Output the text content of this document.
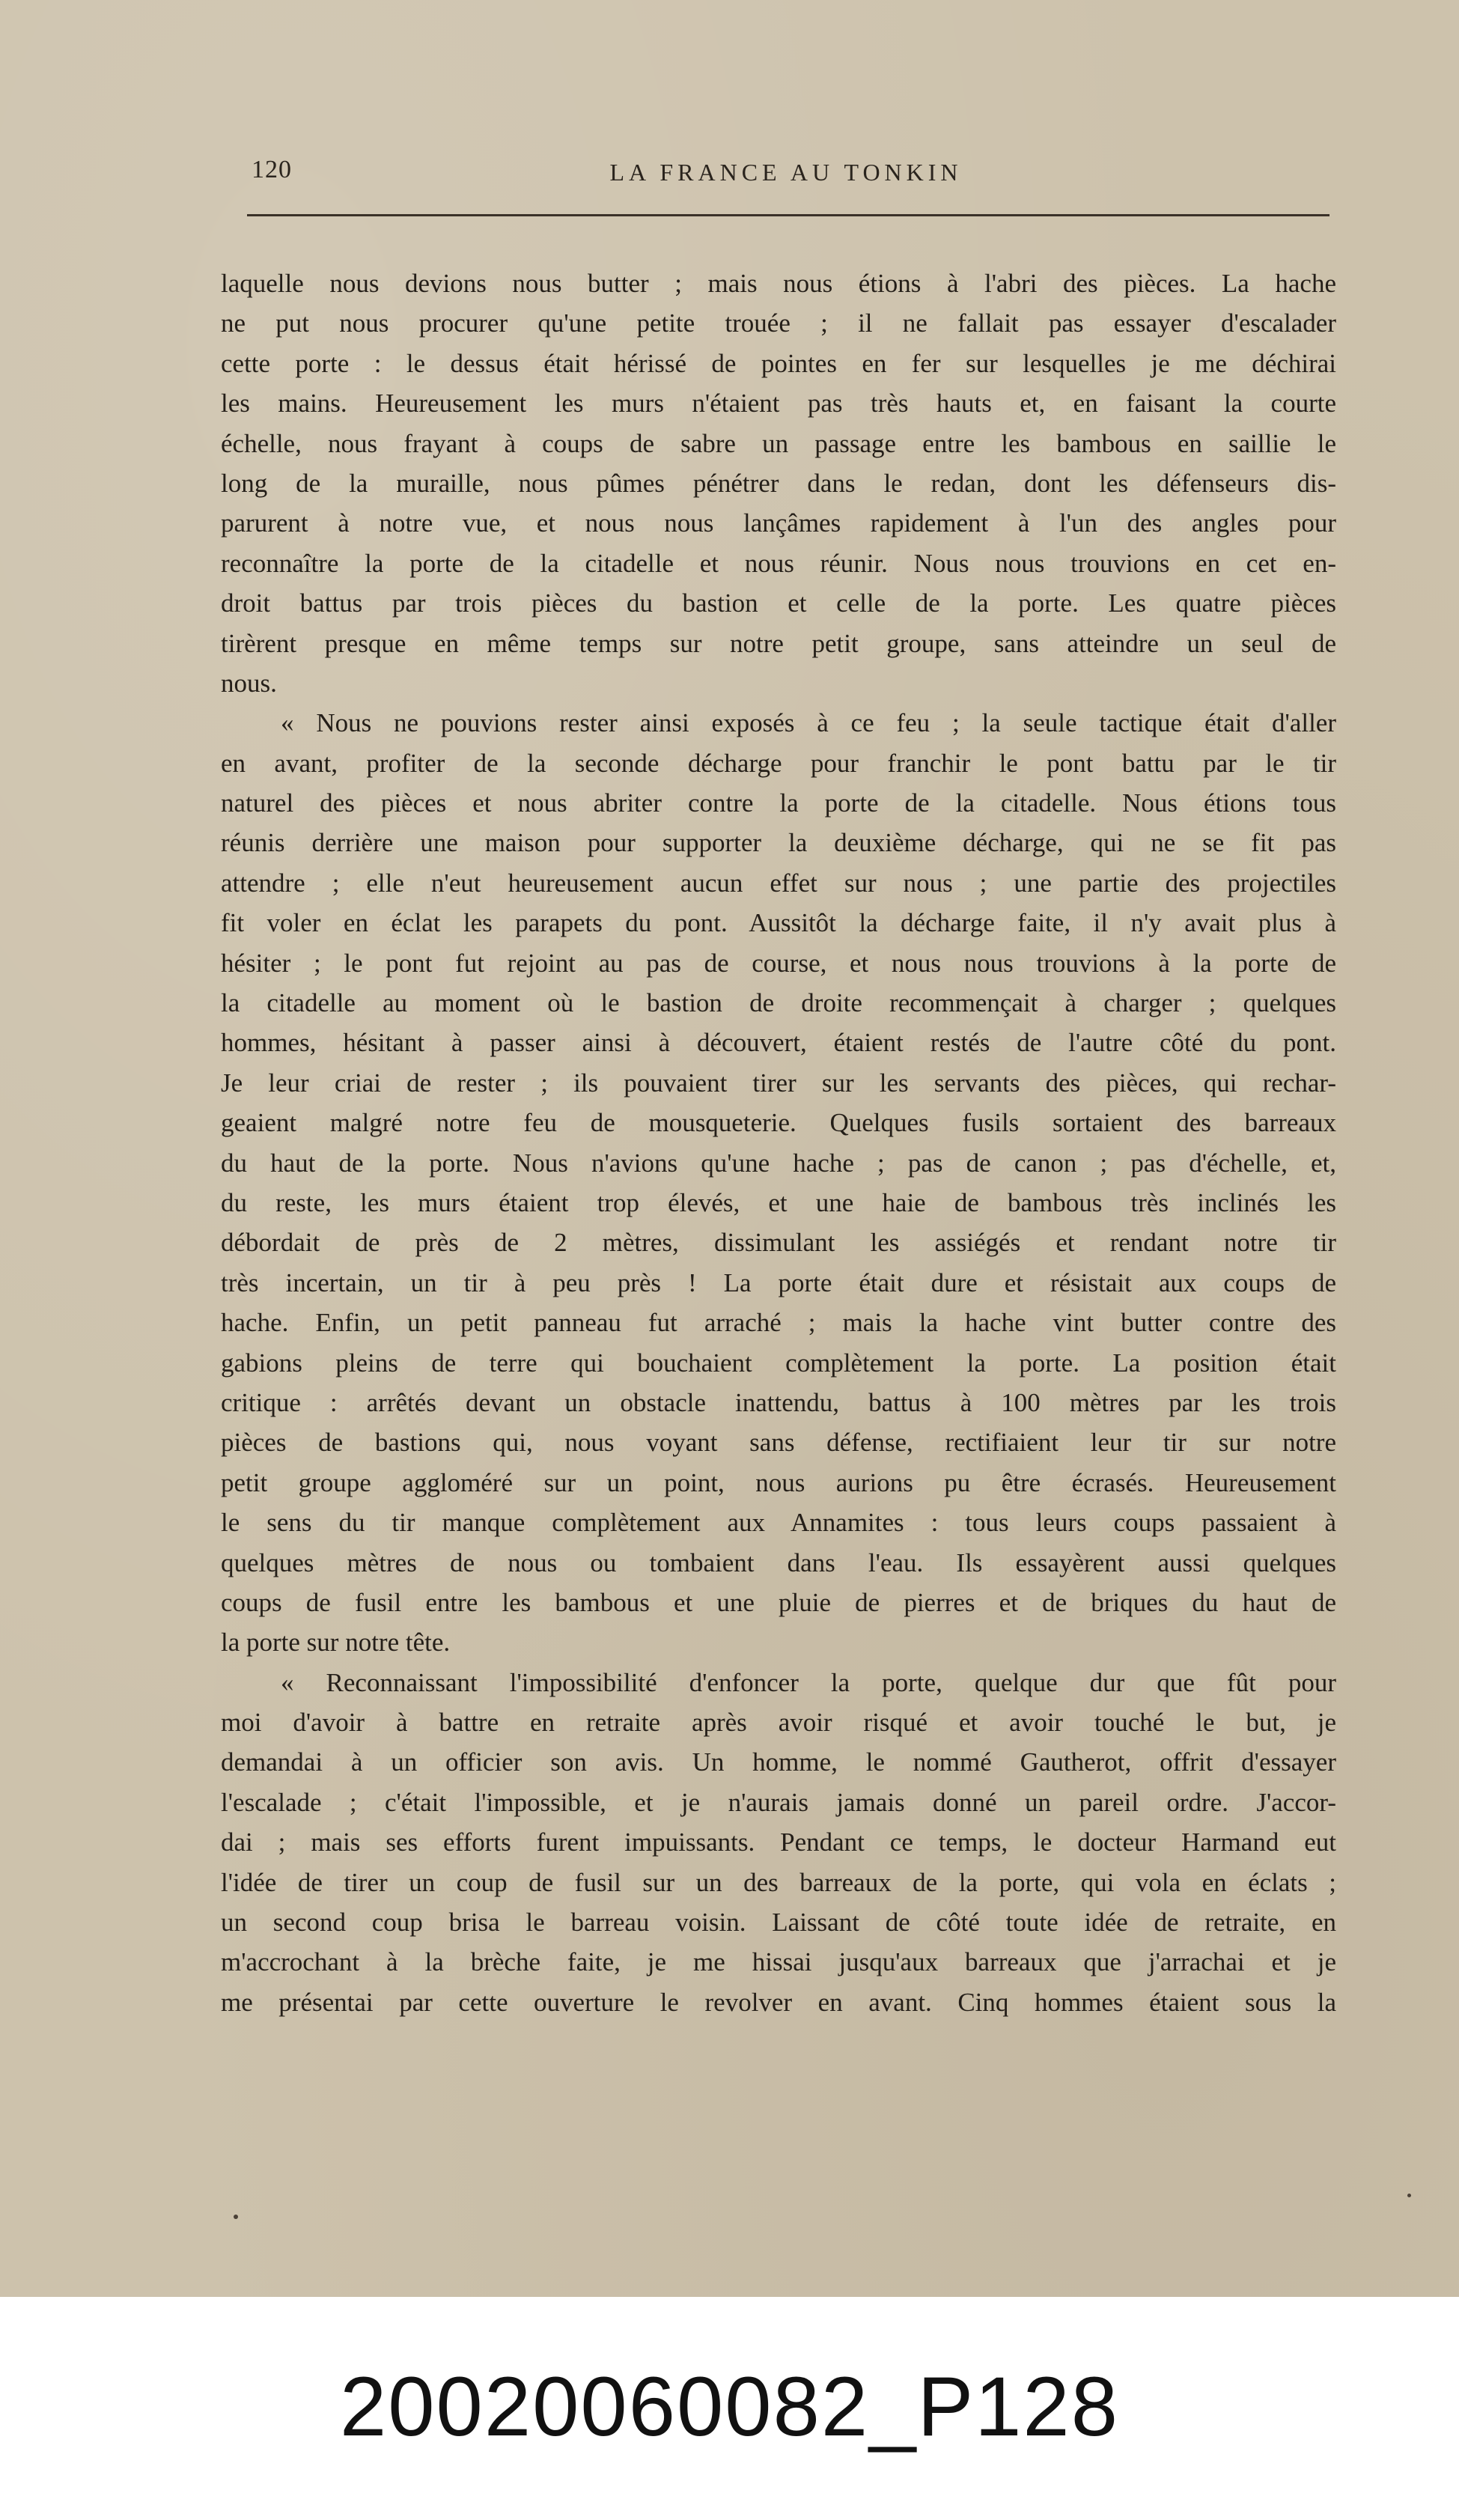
120	LA FRANCE AU TONKIN
laquelle nous devions nous butter ; mais nous étions à l'abri des pièces. La hache
ne put nous procurer qu'une petite trouée ; il ne fallait pas essayer d'escalader
cette porte : le dessus était hérissé de pointes en fer sur lesquelles je me déchirai
les mains. Heureusement les murs n'étaient pas très hauts et, en faisant la courte
échelle, nous frayant à coups de sabre un passage entre les bambous en saillie le
long de la muraille, nous pûmes pénétrer dans le redan, dont les défenseurs dis-
parurent à notre vue, et nous nous lançâmes rapidement à l'un des angles pour
reconnaître la porte de la citadelle et nous réunir. Nous nous trouvions en cet en-
droit battus par trois pièces du bastion et celle de la porte. Les quatre pièces
tirèrent presque en même temps sur notre petit groupe, sans atteindre un seul de
nous.
« Nous ne pouvions rester ainsi exposés à ce feu ; la seule tactique était d'aller
en avant, profiter de la seconde décharge pour franchir le pont battu par le tir
naturel des pièces et nous abriter contre la porte de la citadelle. Nous étions tous
réunis derrière une maison pour supporter la deuxième décharge, qui ne se fit pas
attendre ; elle n'eut heureusement aucun effet sur nous ; une partie des projectiles
fit voler en éclat les parapets du pont. Aussitôt la décharge faite, il n'y avait plus à
hésiter ; le pont fut rejoint au pas de course, et nous nous trouvions à la porte de
la citadelle au moment où le bastion de droite recommençait à charger ; quelques
hommes, hésitant à passer ainsi à découvert, étaient restés de l'autre côté du pont.
Je leur criai de rester ; ils pouvaient tirer sur les servants des pièces, qui rechar-
geaient malgré notre feu de mousqueterie. Quelques fusils sortaient des barreaux
du haut de la porte. Nous n'avions qu'une hache ; pas de canon ; pas d'échelle, et,
du reste, les murs étaient trop élevés, et une haie de bambous très inclinés les
débordait de près de 2 mètres, dissimulant les assiégés et rendant notre tir
très incertain, un tir à peu près ! La porte était dure et résistait aux coups de
hache. Enfin, un petit panneau fut arraché ; mais la hache vint butter contre des
gabions pleins de terre qui bouchaient complètement la porte. La position était
critique : arrêtés devant un obstacle inattendu, battus à 100 mètres par les trois
pièces de bastions qui, nous voyant sans défense, rectifiaient leur tir sur notre
petit groupe aggloméré sur un point, nous aurions pu être écrasés. Heureusement
le sens du tir manque complètement aux Annamites : tous leurs coups passaient à
quelques mètres de nous ou tombaient dans l'eau. Ils essayèrent aussi quelques
coups de fusil entre les bambous et une pluie de pierres et de briques du haut de
la porte sur notre tête.
« Reconnaissant l'impossibilité d'enfoncer la porte, quelque dur que fût pour
moi d'avoir à battre en retraite après avoir risqué et avoir touché le but, je
demandai à un officier son avis. Un homme, le nommé Gautherot, offrit d'essayer
l'escalade ; c'était l'impossible, et je n'aurais jamais donné un pareil ordre. J'accor-
dai ; mais ses efforts furent impuissants. Pendant ce temps, le docteur Harmand eut
l'idée de tirer un coup de fusil sur un des barreaux de la porte, qui vola en éclats ;
un second coup brisa le barreau voisin. Laissant de côté toute idée de retraite, en
m'accrochant à la brèche faite, je me hissai jusqu'aux barreaux que j'arrachai et je
me présentai par cette ouverture le revolver en avant. Cinq hommes étaient sous la
20020060082_P128
